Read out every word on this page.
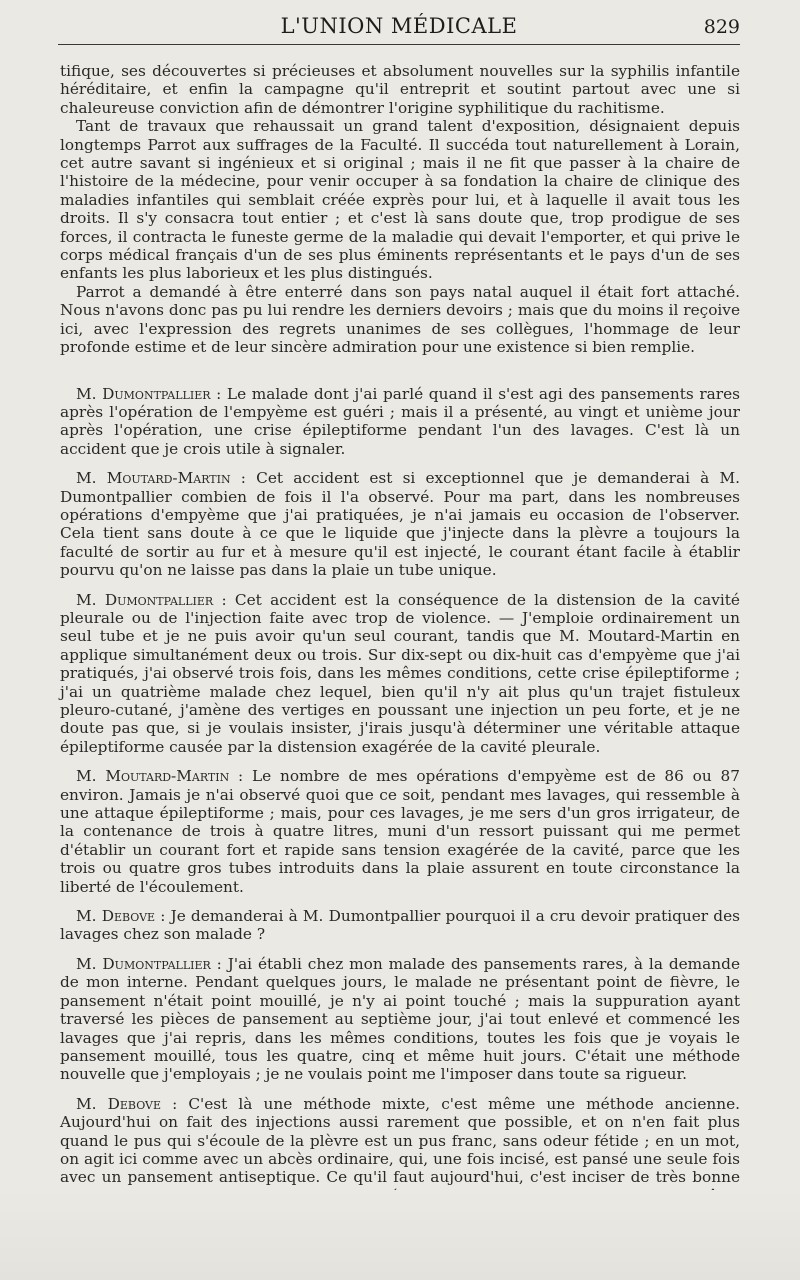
L'UNION MÉDICALE	829

tifique, ses découvertes si précieuses et absolument nouvelles sur la syphilis infantile héréditaire, et enfin la campagne qu'il entreprit et soutint partout avec une si chaleureuse conviction afin de démontrer l'origine syphilitique du rachitisme.

Tant de travaux que rehaussait un grand talent d'exposition, désignaient depuis longtemps Parrot aux suffrages de la Faculté. Il succéda tout naturellement à Lorain, cet autre savant si ingénieux et si original ; mais il ne fit que passer à la chaire de l'histoire de la médecine, pour venir occuper à sa fondation la chaire de clinique des maladies infantiles qui semblait créée exprès pour lui, et à laquelle il avait tous les droits. Il s'y consacra tout entier ; et c'est là sans doute que, trop prodigue de ses forces, il contracta le funeste germe de la maladie qui devait l'emporter, et qui prive le corps médical français d'un de ses plus éminents représentants et le pays d'un de ses enfants les plus laborieux et les plus distingués.

Parrot a demandé à être enterré dans son pays natal auquel il était fort attaché. Nous n'avons donc pas pu lui rendre les derniers devoirs ; mais que du moins il reçoive ici, avec l'expression des regrets unanimes de ses collègues, l'hommage de leur profonde estime et de leur sincère admiration pour une existence si bien remplie.

M. Dumontpallier : Le malade dont j'ai parlé quand il s'est agi des pansements rares après l'opération de l'empyème est guéri ; mais il a présenté, au vingt et unième jour après l'opération, une crise épileptiforme pendant l'un des lavages. C'est là un accident que je crois utile à signaler.

M. Moutard-Martin : Cet accident est si exceptionnel que je demanderai à M. Dumontpallier combien de fois il l'a observé. Pour ma part, dans les nombreuses opérations d'empyème que j'ai pratiquées, je n'ai jamais eu occasion de l'observer. Cela tient sans doute à ce que le liquide que j'injecte dans la plèvre a toujours la faculté de sortir au fur et à mesure qu'il est injecté, le courant étant facile à établir pourvu qu'on ne laisse pas dans la plaie un tube unique.

M. Dumontpallier : Cet accident est la conséquence de la distension de la cavité pleurale ou de l'injection faite avec trop de violence. — J'emploie ordinairement un seul tube et je ne puis avoir qu'un seul courant, tandis que M. Moutard-Martin en applique simultanément deux ou trois. Sur dix-sept ou dix-huit cas d'empyème que j'ai pratiqués, j'ai observé trois fois, dans les mêmes conditions, cette crise épileptiforme ; j'ai un quatrième malade chez lequel, bien qu'il n'y ait plus qu'un trajet fistuleux pleuro-cutané, j'amène des vertiges en poussant une injection un peu forte, et je ne doute pas que, si je voulais insister, j'irais jusqu'à déterminer une véritable attaque épileptiforme causée par la distension exagérée de la cavité pleurale.

M. Moutard-Martin : Le nombre de mes opérations d'empyème est de 86 ou 87 environ. Jamais je n'ai observé quoi que ce soit, pendant mes lavages, qui ressemble à une attaque épileptiforme ; mais, pour ces lavages, je me sers d'un gros irrigateur, de la contenance de trois à quatre litres, muni d'un ressort puissant qui me permet d'établir un courant fort et rapide sans tension exagérée de la cavité, parce que les trois ou quatre gros tubes introduits dans la plaie assurent en toute circonstance la liberté de l'écoulement.

M. Debove : Je demanderai à M. Dumontpallier pourquoi il a cru devoir pratiquer des lavages chez son malade ?

M. Dumontpallier : J'ai établi chez mon malade des pansements rares, à la demande de mon interne. Pendant quelques jours, le malade ne présentant point de fièvre, le pansement n'était point mouillé, je n'y ai point touché ; mais la suppuration ayant traversé les pièces de pansement au septième jour, j'ai tout enlevé et commencé les lavages que j'ai repris, dans les mêmes conditions, toutes les fois que je voyais le pansement mouillé, tous les quatre, cinq et même huit jours. C'était une méthode nouvelle que j'employais ; je ne voulais point me l'imposer dans toute sa rigueur.

M. Debove : C'est là une méthode mixte, c'est même une méthode ancienne. Aujourd'hui on fait des injections aussi rarement que possible, et on n'en fait plus quand le pus qui s'écoule de la plèvre est un pus franc, sans odeur fétide ; en un mot, on agit ici comme avec un abcès ordinaire, qui, une fois incisé, est pansé une seule fois avec un pansement antiseptique. Ce qu'il faut aujourd'hui, c'est inciser de très bonne
